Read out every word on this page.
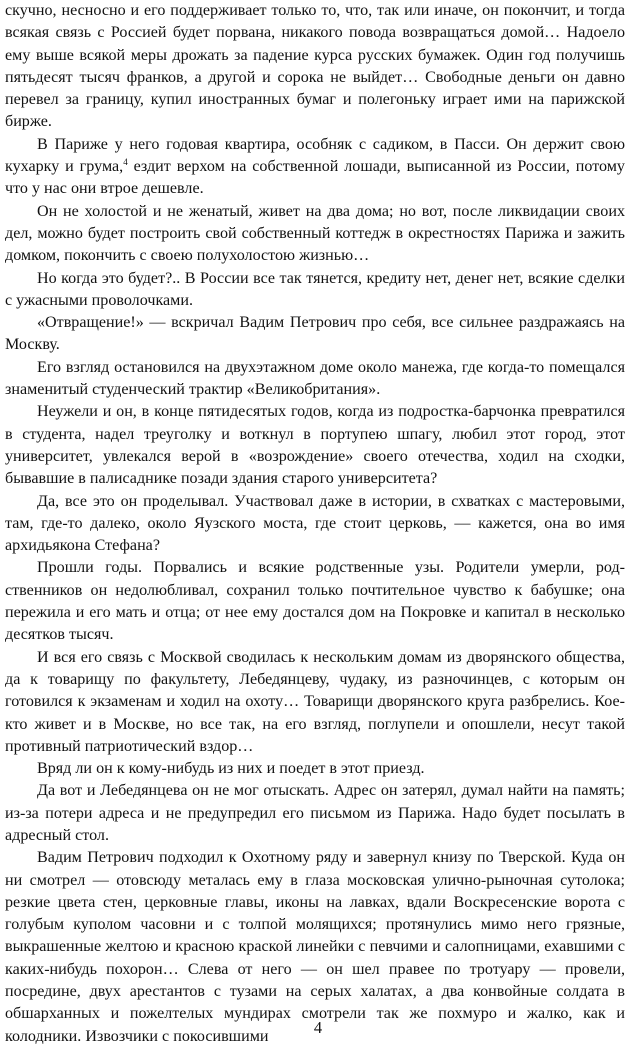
скучно, несносно и его поддерживает только то, что, так или иначе, он покончит, и тогда всякая связь с Россией будет порвана, никакого повода возвращаться домой… Надоело ему выше всякой меры дрожать за падение курса русских бумажек. Один год получишь пятьдесят тысяч франков, а другой и сорока не выйдет… Свободные деньги он давно перевел за границу, купил иностранных бумаг и полегоньку играет ими на парижской бирже.

В Париже у него годовая квартира, особняк с садиком, в Пасси. Он держит свою кухарку и грума,$^4$ ездит верхом на собственной лошади, выписанной из России, потому что у нас они втрое дешевле.

Он не холостой и не женатый, живет на два дома; но вот, после ликвидации своих дел, можно будет построить свой собственный коттедж в окрестностях Парижа и зажить домком, покончить с своею полухолостою жизнью…

Но когда это будет?.. В России все так тянется, кредиту нет, денег нет, всякие сделки с ужасными проволочками.

«Отвращение!» — вскричал Вадим Петрович про себя, все сильнее раздражаясь на Москву.

Его взгляд остановился на двухэтажном доме около манежа, где когда-то помещался знаменитый студенческий трактир «Великобритания».

Неужели и он, в конце пятидесятых годов, когда из подростка-барчонка превратился в студента, надел треуголку и воткнул в портупею шпагу, любил этот город, этот университет, увлекался верой в «возрождение» своего отечества, ходил на сходки, бывавшие в палисаднике позади здания старого университета?

Да, все это он проделывал. Участвовал даже в истории, в схватках с мастеровыми, там, где-то далеко, около Яузского моста, где стоит церковь, — кажется, она во имя архидьякона Стефана?

Прошли годы. Порвались и всякие родственные узы. Родители умерли, родственников он недолюбливал, сохранил только почтительное чувство к бабушке; она пережила и его мать и отца; от нее ему достался дом на Покровке и капитал в несколько десятков тысяч.

И вся его связь с Москвой сводилась к нескольким домам из дворянского общества, да к товарищу по факультету, Лебедянцеву, чудаку, из разночинцев, с которым он готовился к экзаменам и ходил на охоту… Товарищи дворянского круга разбрелись. Кое-кто живет и в Москве, но все так, на его взгляд, поглупели и опошлели, несут такой противный патриотический вздор…

Вряд ли он к кому-нибудь из них и поедет в этот приезд.

Да вот и Лебедянцева он не мог отыскать. Адрес он затерял, думал найти на память; из-за потери адреса и не предупредил его письмом из Парижа. Надо будет посылать в адресный стол.

Вадим Петрович подходил к Охотному ряду и завернул книзу по Тверской. Куда он ни смотрел — отовсюду металась ему в глаза московская улично-рыночная сутолока; резкие цвета стен, церковные главы, иконы на лавках, вдали Воскресенские ворота с голубым куполом часовни и с толпой молящихся; протянулись мимо него грязные, выкрашенные желтою и красною краской линейки с певчими и салопницами, ехавшими с каких-нибудь похорон… Слева от него — он шел правее по тротуару — провели, посредине, двух арестантов с тузами на серых халатах, а два конвойные солдата в обшарханных и пожелтелых мундирах смотрели так же похмуро и жалко, как и колодники. Извозчики с покосившими	4
